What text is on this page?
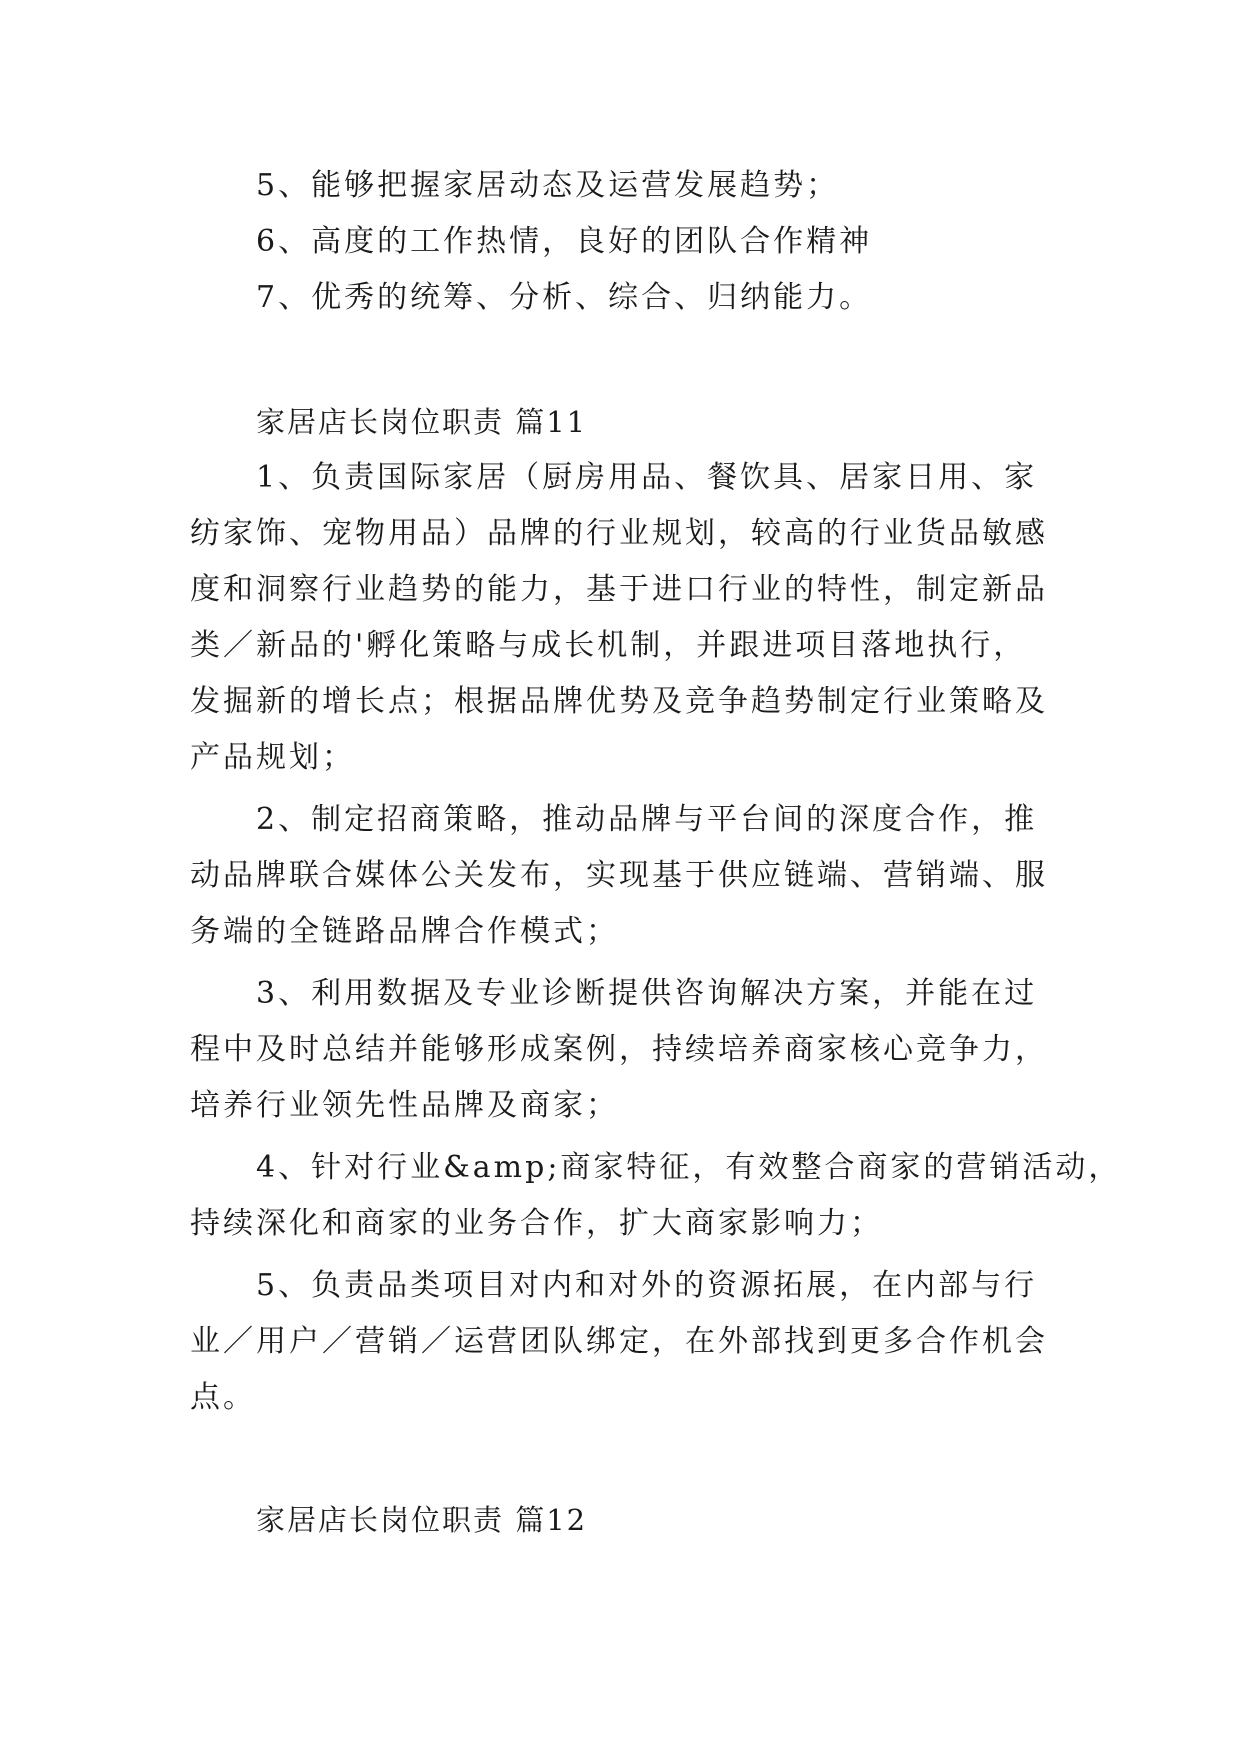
5、能够把握家居动态及运营发展趋势；
6、高度的工作热情，良好的团队合作精神
7、优秀的统筹、分析、综合、归纳能力。
家居店长岗位职责 篇11
1、负责国际家居（厨房用品、餐饮具、居家日用、家
纺家饰、宠物用品）品牌的行业规划，较高的行业货品敏感
度和洞察行业趋势的能力，基于进口行业的特性，制定新品
类／新品的'孵化策略与成长机制，并跟进项目落地执行，
发掘新的增长点；根据品牌优势及竞争趋势制定行业策略及
产品规划；
2、制定招商策略，推动品牌与平台间的深度合作，推
动品牌联合媒体公关发布，实现基于供应链端、营销端、服
务端的全链路品牌合作模式；
3、利用数据及专业诊断提供咨询解决方案，并能在过
程中及时总结并能够形成案例，持续培养商家核心竞争力，
培养行业领先性品牌及商家；
4、针对行业&amp;商家特征，有效整合商家的营销活动，
持续深化和商家的业务合作，扩大商家影响力；
5、负责品类项目对内和对外的资源拓展，在内部与行
业／用户／营销／运营团队绑定，在外部找到更多合作机会
点。
家居店长岗位职责 篇12
